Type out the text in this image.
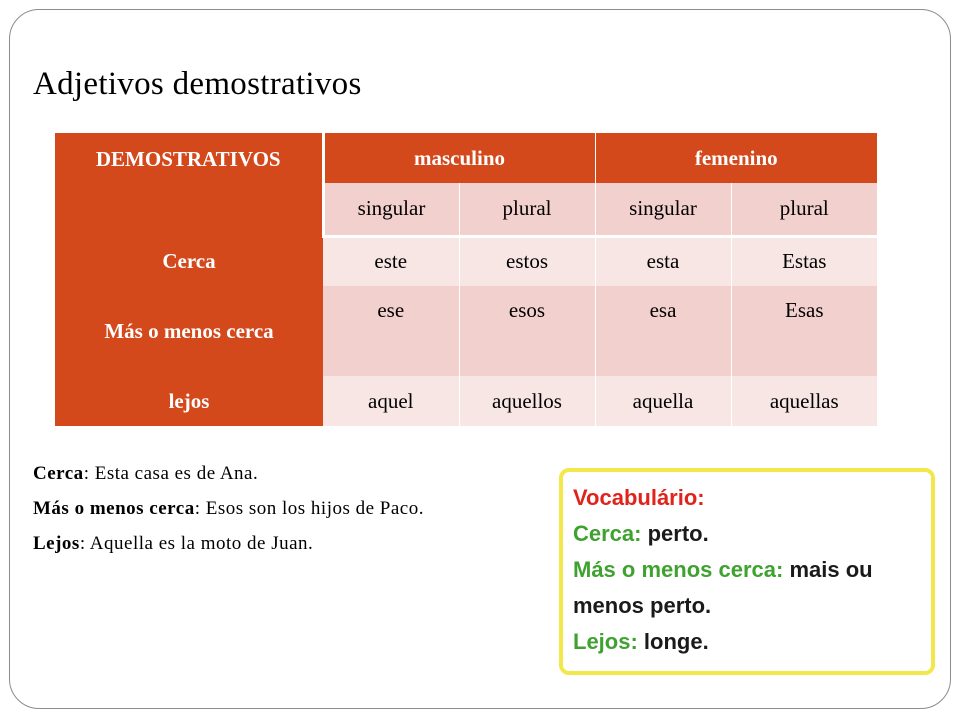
Adjetivos demostrativos
DEMOSTRATIVOS	masculino		femenino	
	singular	plural	singular	plural
Cerca	este	estos	esta	Estas
Más o menos cerca	ese	esos	esa	Esas
lejos	aquel	aquellos	aquella	aquellas
Cerca: Esta casa es de Ana.
Más o menos cerca: Esos son los hijos de Paco.
Lejos: Aquella es la moto de Juan.
Vocabulário:
Cerca: perto.
Más o menos cerca: mais ou menos perto.
Lejos: longe.
